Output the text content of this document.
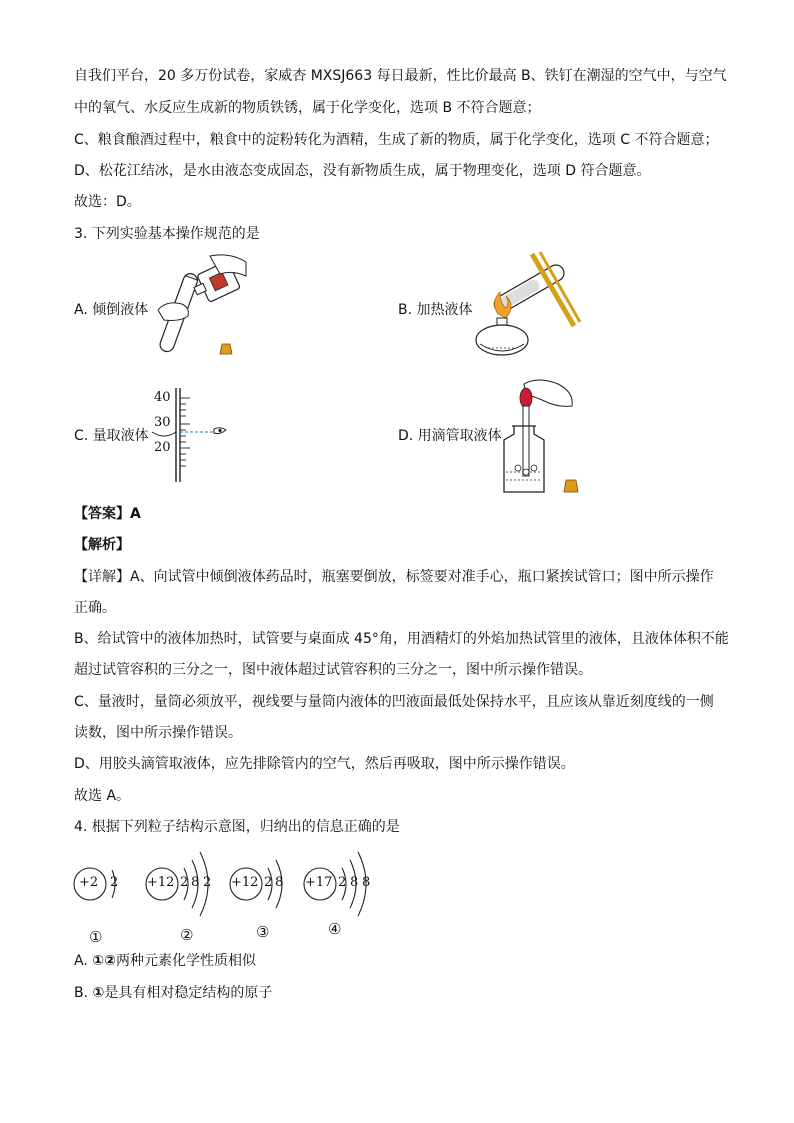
自我们平台，20 多万份试卷，家威杏 MXSJ663 每日最新，性比价最高 B、铁钉在潮湿的空气中，与空气
中的氧气、水反应生成新的物质铁锈，属于化学变化，选项 B 不符合题意；
C、粮食酿酒过程中，粮食中的淀粉转化为酒精，生成了新的物质，属于化学变化，选项 C 不符合题意；
D、松花江结冰，是水由液态变成固态，没有新物质生成，属于物理变化，选项 D 符合题意。
故选：D。
3. 下列实验基本操作规范的是
A. 倾倒液体	B. 加热液体
C. 量取液体	D. 用滴管取液体
40
30
20
【答案】A
【解析】
【详解】A、向试管中倾倒液体药品时，瓶塞要倒放，标签要对准手心，瓶口紧挨试管口；图中所示操作
正确。
B、给试管中的液体加热时，试管要与桌面成 45°角，用酒精灯的外焰加热试管里的液体，且液体体积不能
超过试管容积的三分之一，图中液体超过试管容积的三分之一，图中所示操作错误。
C、量液时，量筒必须放平，视线要与量筒内液体的凹液面最低处保持水平，且应该从靠近刻度线的一侧
读数，图中所示操作错误。
D、用胶头滴管取液体，应先排除管内的空气，然后再吸取，图中所示操作错误。
故选 A。
4. 根据下列粒子结构示意图，归纳出的信息正确的是
+2	+12	+12	+17
2	2 8 2	2 8	2 8 8
①	②	③	④
A. ①②两种元素化学性质相似
B. ①是具有相对稳定结构的原子
